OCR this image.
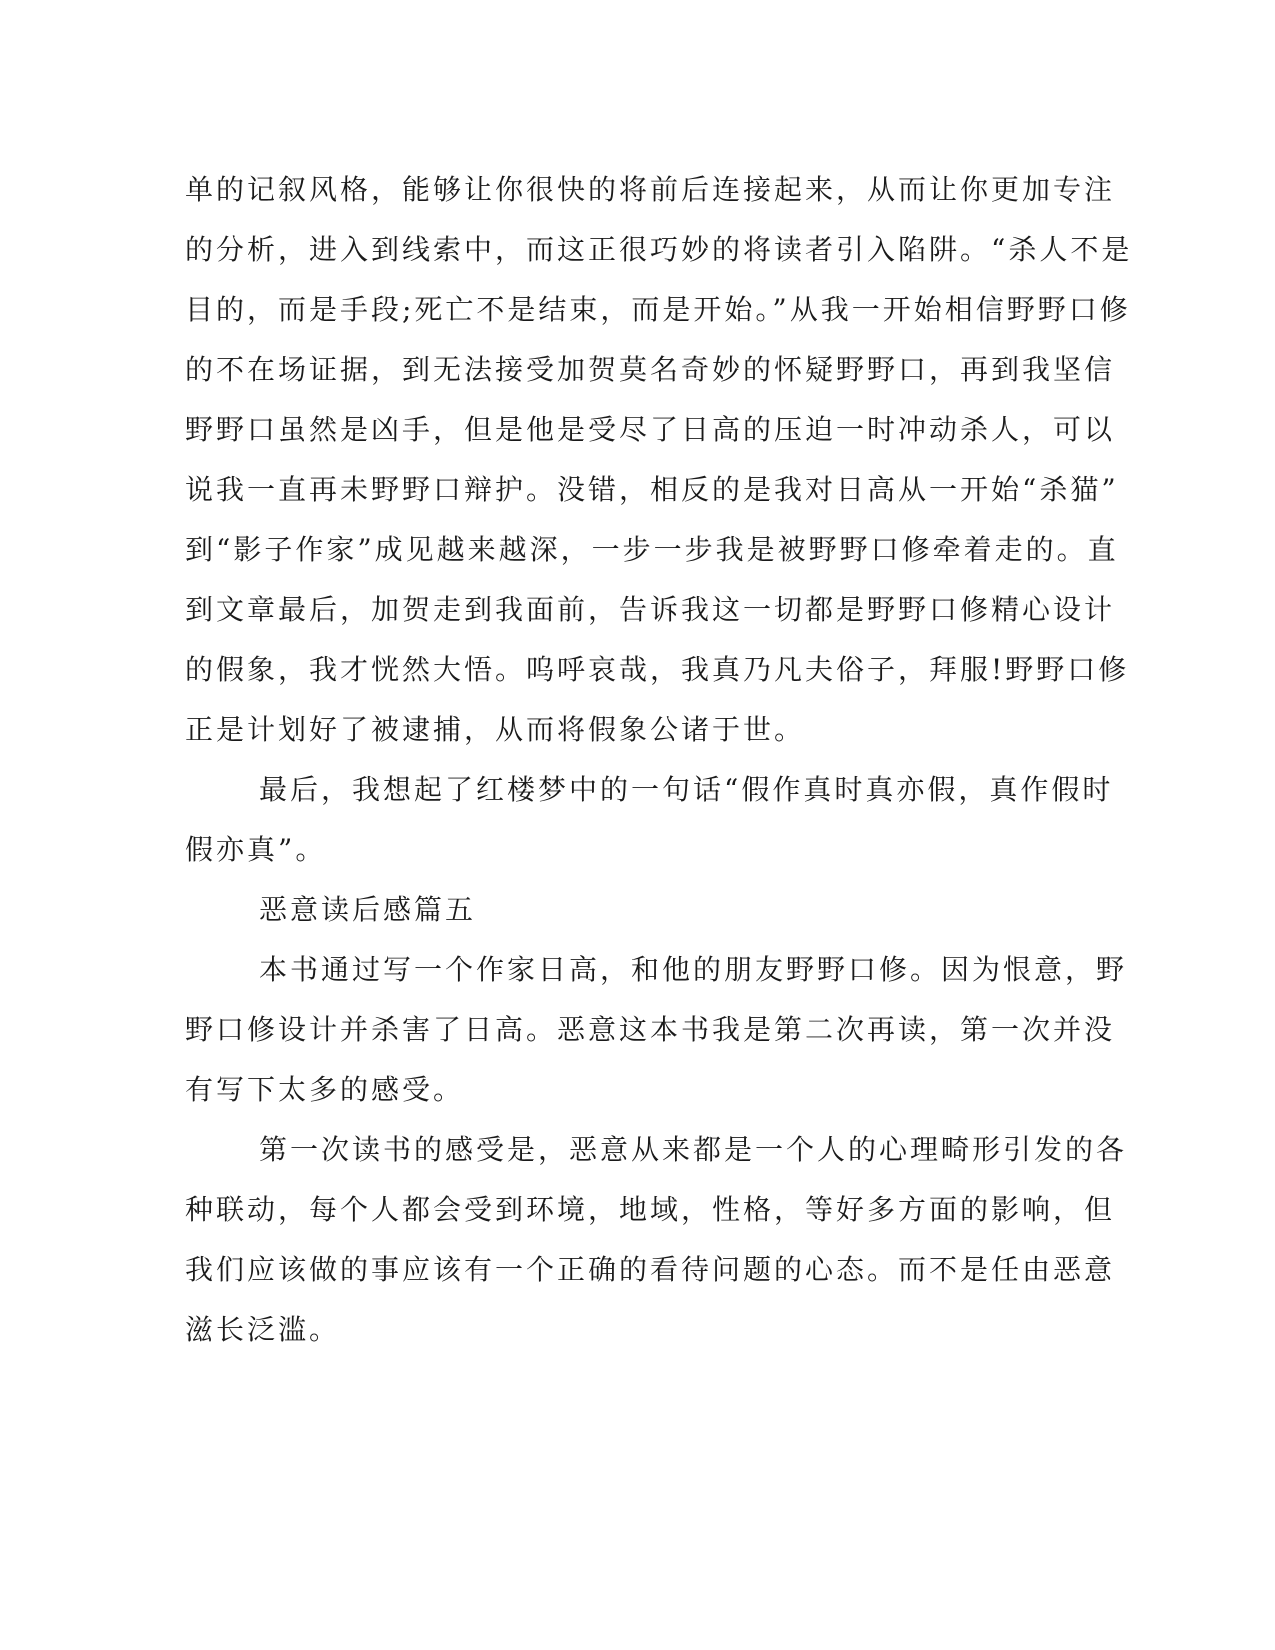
单的记叙风格，能够让你很快的将前后连接起来，从而让你更加专注
的分析，进入到线索中，而这正很巧妙的将读者引入陷阱。“杀人不是
目的，而是手段;死亡不是结束，而是开始。”从我一开始相信野野口修
的不在场证据，到无法接受加贺莫名奇妙的怀疑野野口，再到我坚信
野野口虽然是凶手，但是他是受尽了日高的压迫一时冲动杀人，可以
说我一直再未野野口辩护。没错，相反的是我对日高从一开始“杀猫”
到“影子作家”成见越来越深，一步一步我是被野野口修牵着走的。直
到文章最后，加贺走到我面前，告诉我这一切都是野野口修精心设计
的假象，我才恍然大悟。呜呼哀哉，我真乃凡夫俗子，拜服!野野口修
正是计划好了被逮捕，从而将假象公诸于世。
最后，我想起了红楼梦中的一句话“假作真时真亦假，真作假时
假亦真”。
恶意读后感篇五
本书通过写一个作家日高，和他的朋友野野口修。因为恨意，野
野口修设计并杀害了日高。恶意这本书我是第二次再读，第一次并没
有写下太多的感受。
第一次读书的感受是，恶意从来都是一个人的心理畸形引发的各
种联动，每个人都会受到环境，地域，性格，等好多方面的影响，但
我们应该做的事应该有一个正确的看待问题的心态。而不是任由恶意
滋长泛滥。
